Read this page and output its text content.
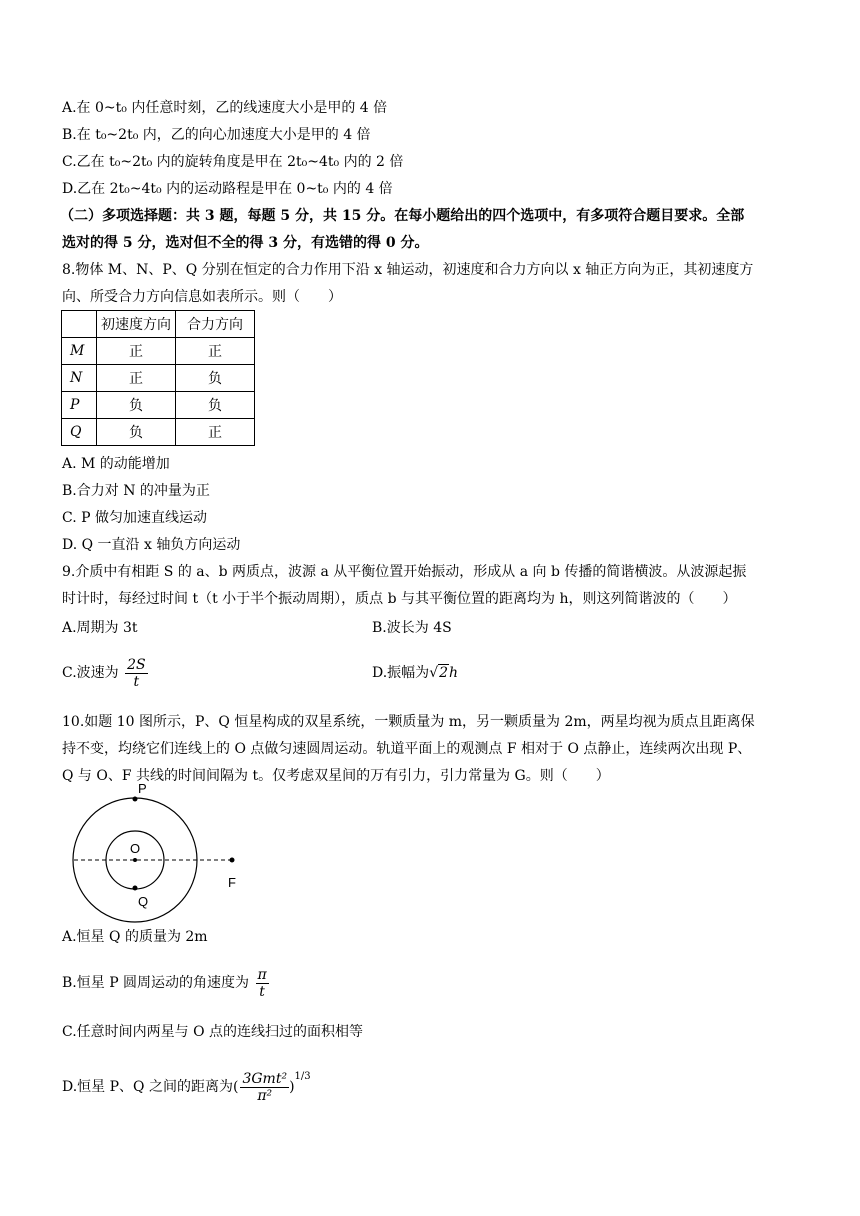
A.在 0~t₀ 内任意时刻，乙的线速度大小是甲的 4 倍
B.在 t₀~2t₀ 内，乙的向心加速度大小是甲的 4 倍
C.乙在 t₀~2t₀ 内的旋转角度是甲在 2t₀~4t₀ 内的 2 倍
D.乙在 2t₀~4t₀ 内的运动路程是甲在 0~t₀ 内的 4 倍
（二）多项选择题：共 3 题，每题 5 分，共 15 分。在每小题给出的四个选项中，有多项符合题目要求。全部
选对的得 5 分，选对但不全的得 3 分，有选错的得 0 分。
8.物体 M、N、P、Q 分别在恒定的合力作用下沿 x 轴运动，初速度和合力方向以 x 轴正方向为正，其初速度方
向、所受合力方向信息如表所示。则（　　）
	初速度方向	合力方向
M	正	正
N	正	负
P	负	负
Q	负	正
A. M 的动能增加
B.合力对 N 的冲量为正
C. P 做匀加速直线运动
D. Q 一直沿 x 轴负方向运动
9.介质中有相距 S 的 a、b 两质点，波源 a 从平衡位置开始振动，形成从 a 向 b 传播的简谐横波。从波源起振
时计时，每经过时间 t（t 小于半个振动周期），质点 b 与其平衡位置的距离均为 h，则这列简谐波的（　　）
A.周期为 3t	B.波长为 4S
C.波速为 $\frac{2S}{t}$	D.振幅为√2h
10.如题 10 图所示，P、Q 恒星构成的双星系统，一颗质量为 m，另一颗质量为 2m，两星均视为质点且距离保
持不变，均绕它们连线上的 O 点做匀速圆周运动。轨道平面上的观测点 F 相对于 O 点静止，连续两次出现 P、
Q 与 O、F 共线的时间间隔为 t。仅考虑双星间的万有引力，引力常量为 G。则（　　）
P
O
Q
F
A.恒星 Q 的质量为 2m
B.恒星 P 圆周运动的角速度为 $\frac{\pi}{t}$
C.任意时间内两星与 O 点的连线扫过的面积相等
D.恒星 P、Q 之间的距离为( $\frac{\text{3Gmt²}}{\text{π²}} )^{1/3}$
